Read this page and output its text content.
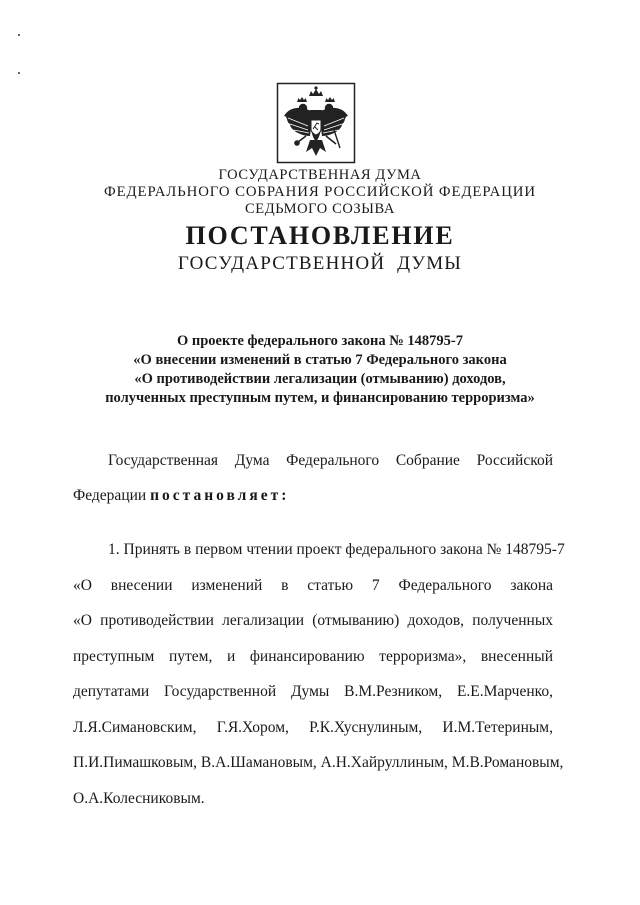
ГОСУДАРСТВЕННАЯ ДУМА
ФЕДЕРАЛЬНОГО СОБРАНИЯ РОССИЙСКОЙ ФЕДЕРАЦИИ
СЕДЬМОГО СОЗЫВА
ПОСТАНОВЛЕНИЕ
ГОСУДАРСТВЕННОЙ  ДУМЫ
О проекте федерального закона № 148795-7
«О внесении изменений в статью 7 Федерального закона
«О противодействии легализации (отмыванию) доходов,
полученных преступным путем, и финансированию терроризма»
Государственная Дума Федерального Собрание Российской
Федерации постановляет:
1. Принять в первом чтении проект федерального закона № 148795-7
«О внесении изменений в статью 7 Федерального закона
«О противодействии легализации (отмыванию) доходов, полученных
преступным путем, и финансированию терроризма», внесенный
депутатами Государственной Думы В.М.Резником, Е.Е.Марченко,
Л.Я.Симановским, Г.Я.Хором, Р.К.Хуснулиным, И.М.Тетериным,
П.И.Пимашковым, В.А.Шамановым, А.Н.Хайруллиным, М.В.Романовым,
О.А.Колесниковым.
